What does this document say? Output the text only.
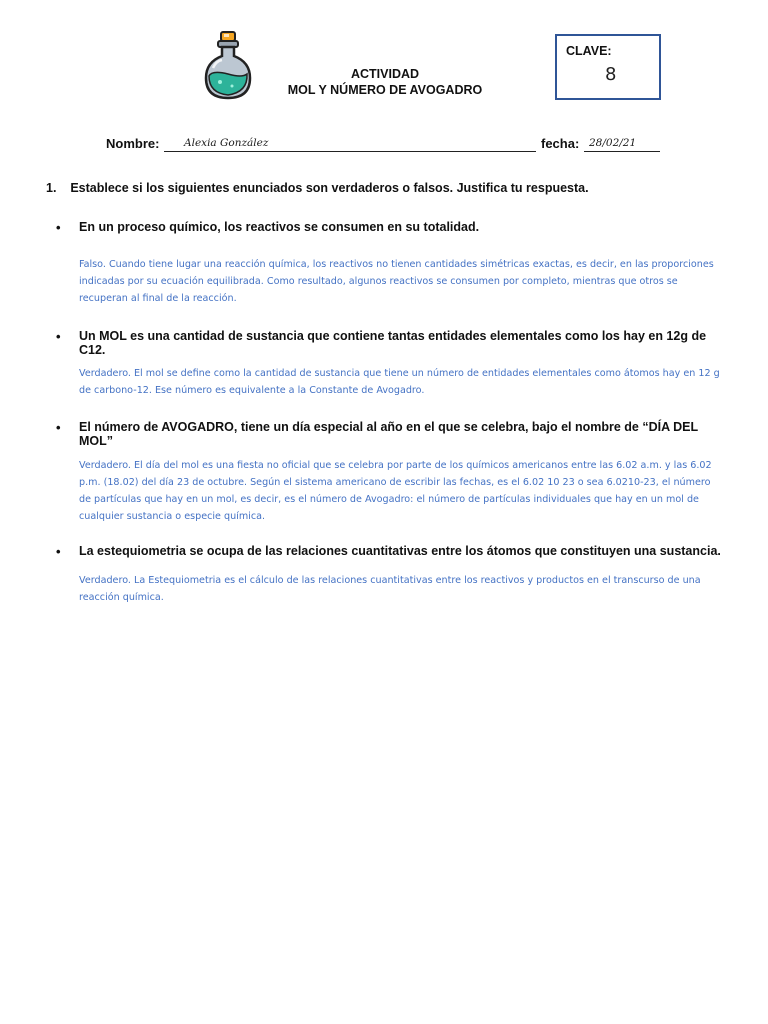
ACTIVIDAD
MOL Y NÚMERO DE AVOGADRO
CLAVE:
8
Nombre: Alexia González	fecha: 28/02/21
1. Establece si los siguientes enunciados son verdaderos o falsos. Justifica tu respuesta.
• En un proceso químico, los reactivos se consumen en su totalidad.
Falso. Cuando tiene lugar una reacción química, los reactivos no tienen cantidades simétricas exactas, es decir, en las proporciones indicadas por su ecuación equilibrada. Como resultado, algunos reactivos se consumen por completo, mientras que otros se recuperan al final de la reacción.
• Un MOL es una cantidad de sustancia que contiene tantas entidades elementales como los hay en 12g de C12.
Verdadero. El mol se define como la cantidad de sustancia que tiene un número de entidades elementales como átomos hay en 12 g de carbono-12. Ese número es equivalente a la Constante de Avogadro.
• El número de AVOGADRO, tiene un día especial al año en el que se celebra, bajo el nombre de “DÍA DEL MOL”
Verdadero. El día del mol es una fiesta no oficial que se celebra por parte de los químicos americanos entre las 6.02 a.m. y las 6.02 p.m. (18.02) del día 23 de octubre. Según el sistema americano de escribir las fechas, es el 6.02 10 23 o sea 6.0210-23, el número de partículas que hay en un mol, es decir, es el número de Avogadro: el número de partículas individuales que hay en un mol de cualquier sustancia o especie química.
• La estequiometria se ocupa de las relaciones cuantitativas entre los átomos que constituyen una sustancia.
Verdadero. La Estequiometria es el cálculo de las relaciones cuantitativas entre los reactivos y productos en el transcurso de una reacción química.
